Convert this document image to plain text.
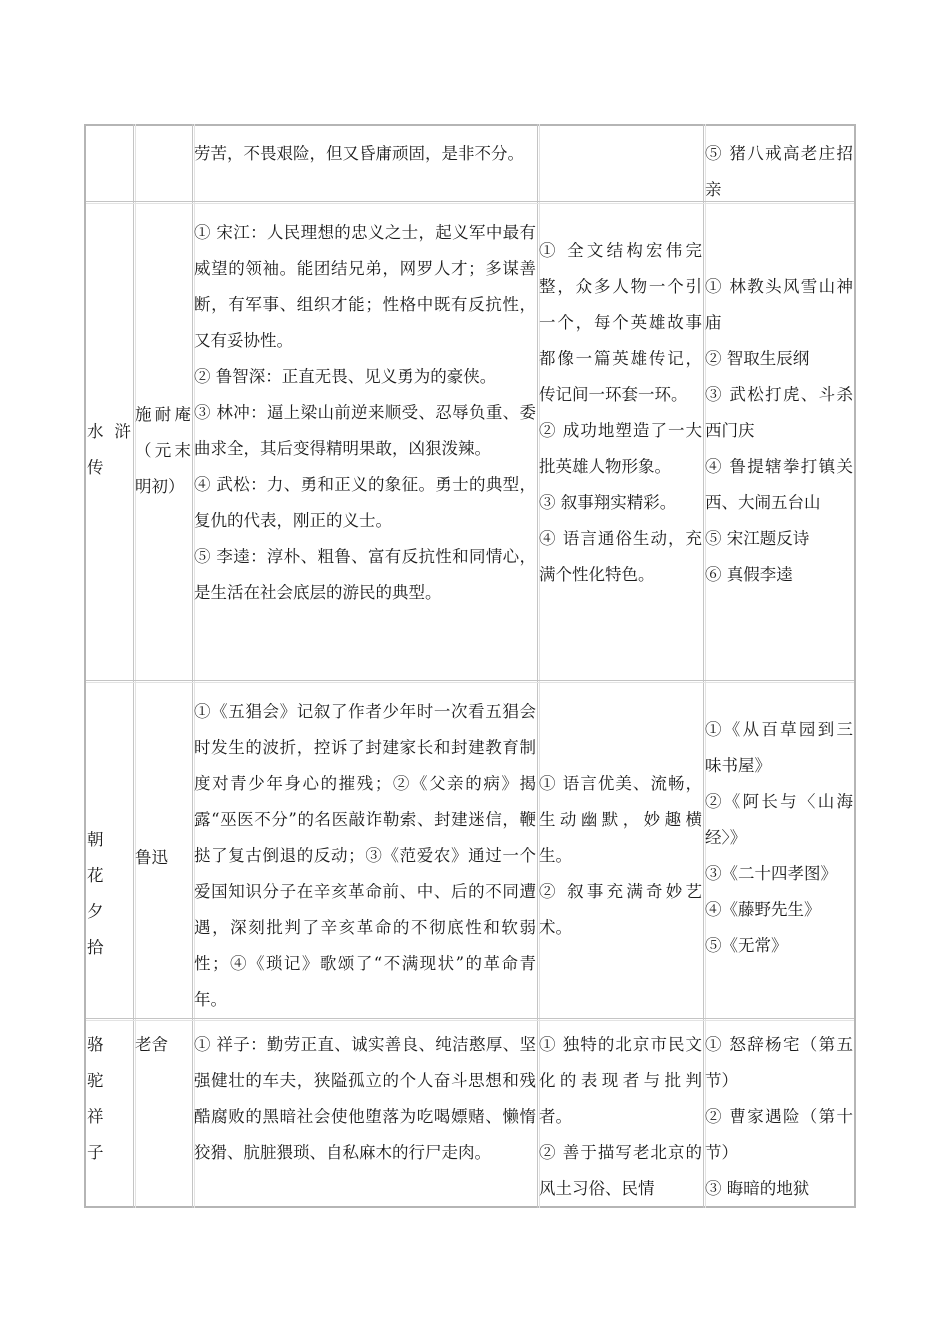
劳苦，不畏艰险，但又昏庸顽固，是非不分。	⑤ 猪八戒高老庄招亲

水浒传

施耐庵（元末明初）

① 宋江：人民理想的忠义之士，起义军中最有威望的领袖。能团结兄弟，网罗人才；多谋善断，有军事、组织才能；性格中既有反抗性，又有妥协性。

② 鲁智深：正直无畏、见义勇为的豪侠。

③ 林冲：逼上梁山前逆来顺受、忍辱负重、委曲求全，其后变得精明果敢，凶狠泼辣。

④ 武松：力、勇和正义的象征。勇士的典型，复仇的代表，刚正的义士。

⑤ 李逵：淳朴、粗鲁、富有反抗性和同情心，是生活在社会底层的游民的典型。

① 全文结构宏伟完整，众多人物一个引一个，每个英雄故事都像一篇英雄传记，传记间一环套一环。

② 成功地塑造了一大批英雄人物形象。

③ 叙事翔实精彩。

④ 语言通俗生动，充满个性化特色。

① 林教头风雪山神庙

② 智取生辰纲

③ 武松打虎、斗杀西门庆

④ 鲁提辖拳打镇关西、大闹五台山

⑤ 宋江题反诗

⑥ 真假李逵

朝花夕拾

鲁迅

①《五猖会》记叙了作者少年时一次看五猖会时发生的波折，控诉了封建家长和封建教育制度对青少年身心的摧残；②《父亲的病》揭露“巫医不分”的名医敲诈勒索、封建迷信，鞭挞了复古倒退的反动；③《范爱农》通过一个爱国知识分子在辛亥革命前、中、后的不同遭遇，深刻批判了辛亥革命的不彻底性和软弱性；④《琐记》歌颂了“不满现状”的革命青年。

① 语言优美、流畅，生动幽默，妙趣横生。

② 叙事充满奇妙艺术。

①《从百草园到三味书屋》

②《阿长与〈山海经〉》

③《二十四孝图》

④《藤野先生》

⑤《无常》

骆驼祥子

老舍	① 祥子：勤劳正直、诚实善良、纯洁憨厚、坚强健壮的车夫，狭隘孤立的个人奋斗思想和残酷腐败的黑暗社会使他堕落为吃喝嫖赌、懒惰狡猾、肮脏猥琐、自私麻木的行尸走肉。

① 独特的北京市民文化的表现者与批判者。

② 善于描写老北京的风土习俗、民情

① 怒辞杨宅（第五节）

② 曹家遇险（第十节）

③ 晦暗的地狱
